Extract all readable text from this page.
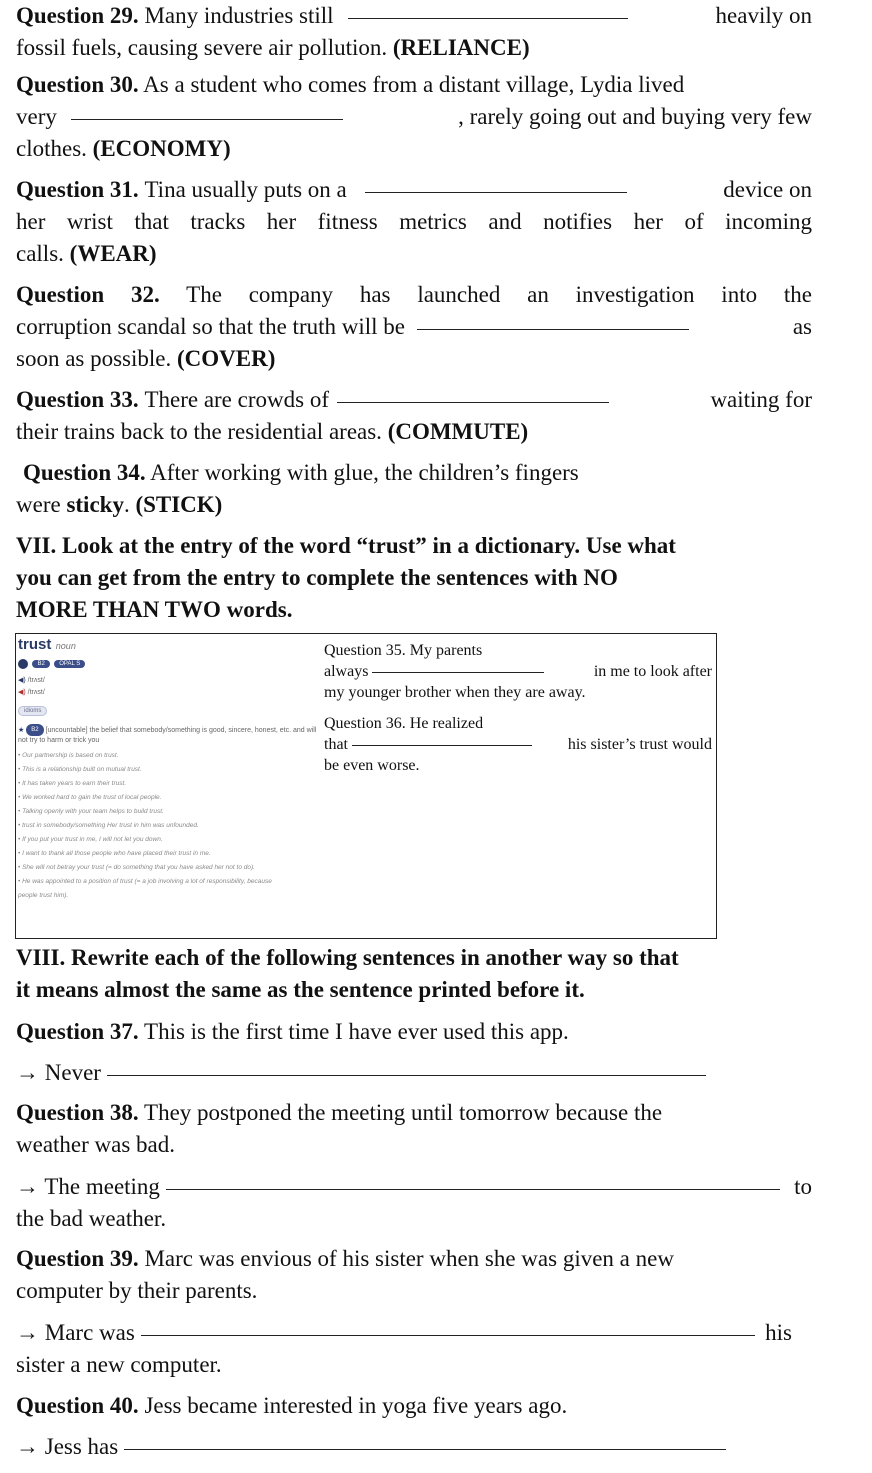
Question 29.
Many industries still	heavily on
fossil fuels, causing severe air pollution. (RELIANCE)
Question 30. As a student who comes from a distant village, Lydia lived
very	, rarely going out and buying very few
clothes. (ECONOMY)
Question 31.
Tina usually puts on a	device on
her wrist that tracks her fitness metrics and notifies her of incoming
calls. (WEAR)
Question 32. The company has launched an investigation into the
corruption scandal so that the truth will be	as
soon as possible. (COVER)
Question 33.
There are crowds of	waiting for
their trains back to the residential areas. (COMMUTE)
Question 34. After working with glue, the children’s fingers
were sticky. (STICK)
VII. Look at the entry of the word “trust” in a dictionary. Use what
you can get from the entry to complete the sentences with NO
MORE THAN TWO words.
VIII. Rewrite each of the following sentences in another way so that
it means almost the same as the sentence printed before it.
Question 37. This is the first time I have ever used this app.
→ Never
Question 38. They postponed the meeting until tomorrow because the
weather was bad.
→ The meeting	to
the bad weather.
Question 39. Marc was envious of his sister when she was given a new
computer by their parents.
→ Marc was	his
sister a new computer.
Question 40. Jess became interested in yoga five years ago.
→ Jess has
trust noun
B2 OPAL S
◀) /trʌst/
◀) /trʌst/
idioms
★ B2 [uncountable] the belief that somebody/something is good, sincere, honest, etc. and will not try to harm or trick you
• Our partnership is based on trust.
• This is a relationship built on mutual trust.
• It has taken years to earn their trust.
• We worked hard to gain the trust of local people.
• Talking openly with your team helps to build trust.
• trust in somebody/something Her trust in him was unfounded.
• If you put your trust in me, I will not let you down.
• I want to thank all those people who have placed their trust in me.
• She will not betray your trust (= do something that you have asked her not to do).
• He was appointed to a position of trust (= a job involving a lot of responsibility, because
people trust him).
Question 35. My parents
always	in me to look after
my younger brother when they are away.
Question 36. He realized
that	his sister’s trust would
be even worse.
